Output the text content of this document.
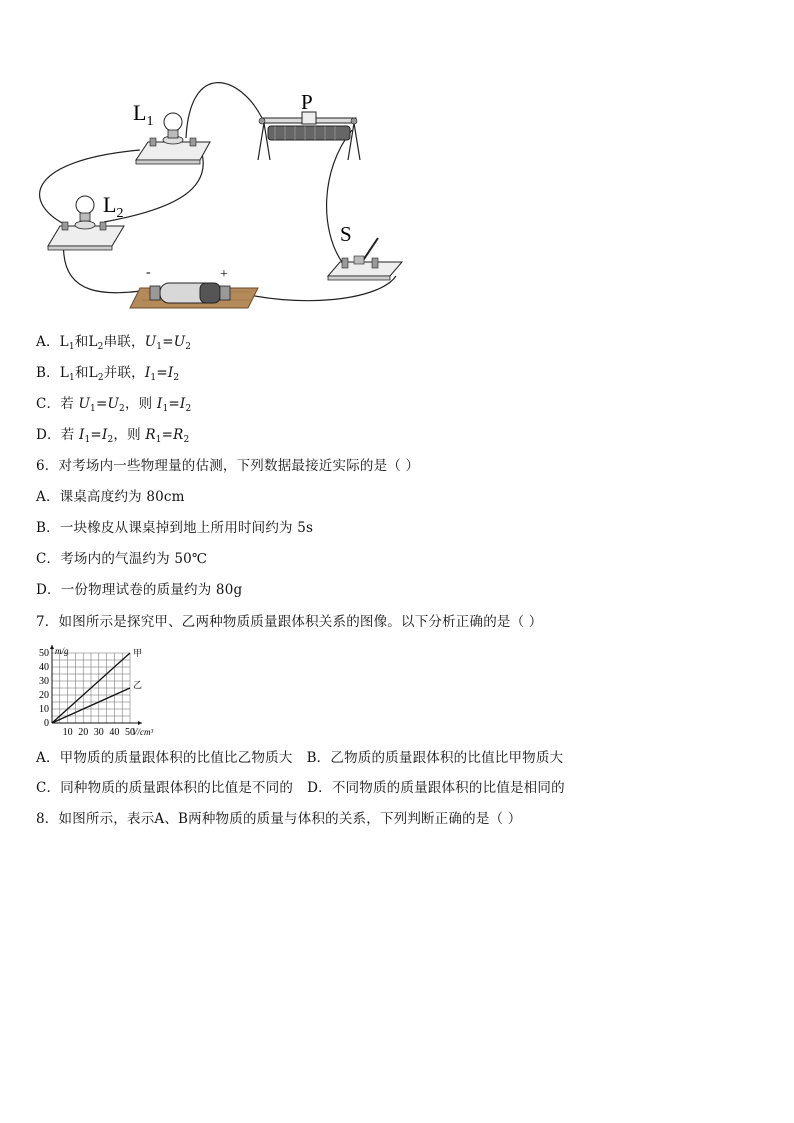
$L_1$
$L_2$
P
S
-	+
A．$L_1$和$L_2$串联，$U_1=U_2$
B．$L_1$和$L_2$并联，$I_1=I_2$
C．若 $U_1=U_2$，则 $I_1=I_2$
D．若 $I_1=I_2$，则 $R_1=R_2$
6．对考场内一些物理量的估测，下列数据最接近实际的是（ ）
A．课桌高度约为 80cm
B．一块橡皮从课桌掉到地上所用时间约为 5s
C．考场内的气温约为 50℃
D．一份物理试卷的质量约为 80g
7．如图所示是探究甲、乙两种物质质量跟体积关系的图像。以下分析正确的是（ ）
0
10
20
30
40
50
10 20 30 40 50
m/g
V/cm³
甲
乙
A．甲物质的质量跟体积的比值比乙物质大 B．乙物质的质量跟体积的比值比甲物质大
C．同种物质的质量跟体积的比值是不同的 D．不同物质的质量跟体积的比值是相同的
8．如图所示，表示A、B两种物质的质量与体积的关系，下列判断正确的是（ ）
